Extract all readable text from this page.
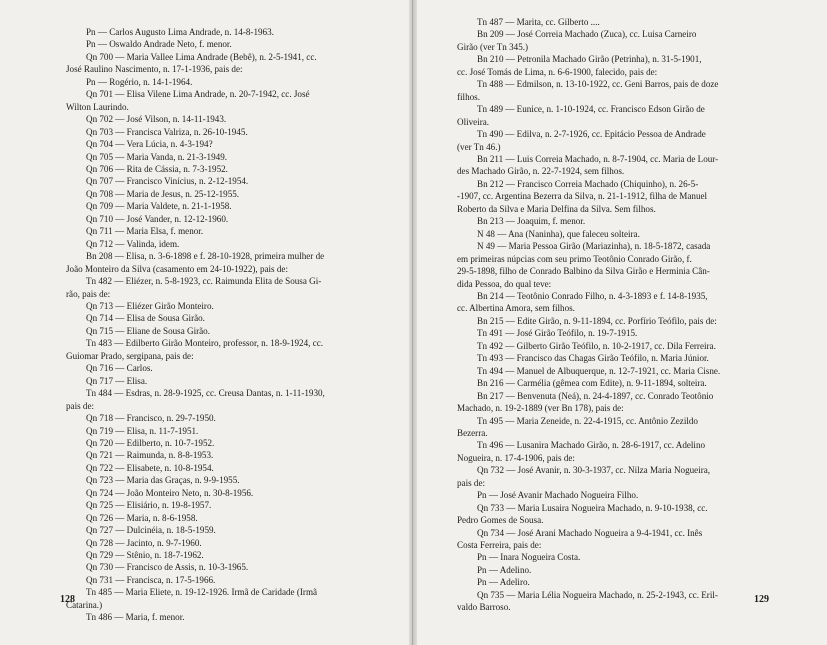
Pn — Carlos Augusto Lima Andrade, n. 14-8-1963.
Pn — Oswaldo Andrade Neto, f. menor.
Qn 700 — Maria Vallee Lima Andrade (Bebê), n. 2-5-1941, cc.
José Raulino Nascimento, n. 17-1-1936, pais de:
Pn — Rogério, n. 14-1-1964.
Qn 701 — Elisa Vilene Lima Andrade, n. 20-7-1942, cc. José
Wilton Laurindo.
Qn 702 — José Vilson, n. 14-11-1943.
Qn 703 — Francisca Valriza, n. 26-10-1945.
Qn 704 — Vera Lúcia, n. 4-3-194?
Qn 705 — Maria Vanda, n. 21-3-1949.
Qn 706 — Rita de Cássia, n. 7-3-1952.
Qn 707 — Francisco Vinícius, n. 2-12-1954.
Qn 708 — Maria de Jesus, n. 25-12-1955.
Qn 709 — Maria Valdete, n. 21-1-1958.
Qn 710 — José Vander, n. 12-12-1960.
Qn 711 — Maria Elsa, f. menor.
Qn 712 — Valinda, idem.
Bn 208 — Elisa, n. 3-6-1898 e f. 28-10-1928, primeira mulher de
João Monteiro da Silva (casamento em 24-10-1922), pais de:
Tn 482 — Eliézer, n. 5-8-1923, cc. Raimunda Elita de Sousa Gi-
rão, pais de:
Qn 713 — Eliézer Girão Monteiro.
Qn 714 — Elisa de Sousa Girão.
Qn 715 — Eliane de Sousa Girão.
Tn 483 — Edilberto Girão Monteiro, professor, n. 18-9-1924, cc.
Guiomar Prado, sergipana, pais de:
Qn 716 — Carlos.
Qn 717 — Elisa.
Tn 484 — Esdras, n. 28-9-1925, cc. Creusa Dantas, n. 1-11-1930,
pais de:
Qn 718 — Francisco, n. 29-7-1950.
Qn 719 — Elisa, n. 11-7-1951.
Qn 720 — Edilberto, n. 10-7-1952.
Qn 721 — Raimunda, n. 8-8-1953.
Qn 722 — Elisabete, n. 10-8-1954.
Qn 723 — Maria das Graças, n. 9-9-1955.
Qn 724 — João Monteiro Neto, n. 30-8-1956.
Qn 725 — Elisiário, n. 19-8-1957.
Qn 726 — Maria, n. 8-6-1958.
Qn 727 — Dulcinéia, n. 18-5-1959.
Qn 728 — Jacinto, n. 9-7-1960.
Qn 729 — Stênio, n. 18-7-1962.
Qn 730 — Francisco de Assis, n. 10-3-1965.
Qn 731 — Francisca, n. 17-5-1966.
Tn 485 — Maria Eliete, n. 19-12-1926. Irmã de Caridade (Irmã
Catarina.)
Tn 486 — Maria, f. menor.
128
Tn 487 — Marita, cc. Gilberto ....
Bn 209 — José Correia Machado (Zuca), cc. Luisa Carneiro
Girão (ver Tn 345.)
Bn 210 — Petronila Machado Girão (Petrinha), n. 31-5-1901,
cc. José Tomás de Lima, n. 6-6-1900, falecido, pais de:
Tn 488 — Edmilson, n. 13-10-1922, cc. Geni Barros, pais de doze
filhos.
Tn 489 — Eunice, n. 1-10-1924, cc. Francisco Edson Girão de
Oliveira.
Tn 490 — Edilva, n. 2-7-1926, cc. Epitácio Pessoa de Andrade
(ver Tn 46.)
Bn 211 — Luis Correia Machado, n. 8-7-1904, cc. Maria de Lour-
des Machado Girão, n. 22-7-1924, sem filhos.
Bn 212 — Francisco Correia Machado (Chiquinho), n. 26-5-
-1907, cc. Argentina Bezerra da Silva, n. 21-1-1912, filha de Manuel
Roberto da Silva e Maria Delfina da Silva. Sem filhos.
Bn 213 — Joaquim, f. menor.
N 48 — Ana (Naninha), que faleceu solteira.
N 49 — Maria Pessoa Girão (Mariazinha), n. 18-5-1872, casada
em primeiras núpcias com seu primo Teotônio Conrado Girão, f.
29-5-1898, filho de Conrado Balbino da Silva Girão e Herminia Cân-
dida Pessoa, do qual teve:
Bn 214 — Teotônio Conrado Filho, n. 4-3-1893 e f. 14-8-1935,
cc. Albertina Amora, sem filhos.
Bn 215 — Edite Girão, n. 9-11-1894, cc. Porfírio Teófilo, pais de:
Tn 491 — José Girão Teófilo, n. 19-7-1915.
Tn 492 — Gilberto Girão Teófilo, n. 10-2-1917, cc. Dila Ferreira.
Tn 493 — Francisco das Chagas Girão Teófilo, n. Maria Júnior.
Tn 494 — Manuel de Albuquerque, n. 12-7-1921, cc. Maria Cisne.
Bn 216 — Carmélia (gêmea com Edite), n. 9-11-1894, solteira.
Bn 217 — Benvenuta (Neá), n. 24-4-1897, cc. Conrado Teotônio
Machado, n. 19-2-1889 (ver Bn 178), pais de:
Tn 495 — Maria Zeneide, n. 22-4-1915, cc. Antônio Zezildo
Bezerra.
Tn 496 — Lusanira Machado Girão, n. 28-6-1917, cc. Adelino
Nogueira, n. 17-4-1906, pais de:
Qn 732 — José Avanir, n. 30-3-1937, cc. Nilza Maria Nogueira,
pais de:
Pn — José Avanir Machado Nogueira Filho.
Qn 733 — Maria Lusaira Nogueira Machado, n. 9-10-1938, cc.
Pedro Gomes de Sousa.
Qn 734 — José Arani Machado Nogueira a 9-4-1941, cc. Inês
Costa Ferreira, pais de:
Pn — Inara Nogueira Costa.
Pn — Adelino.
Pn — Adeliro.
Qn 735 — Maria Lélia Nogueira Machado, n. 25-2-1943, cc. Eril-
valdo Barroso.
129
